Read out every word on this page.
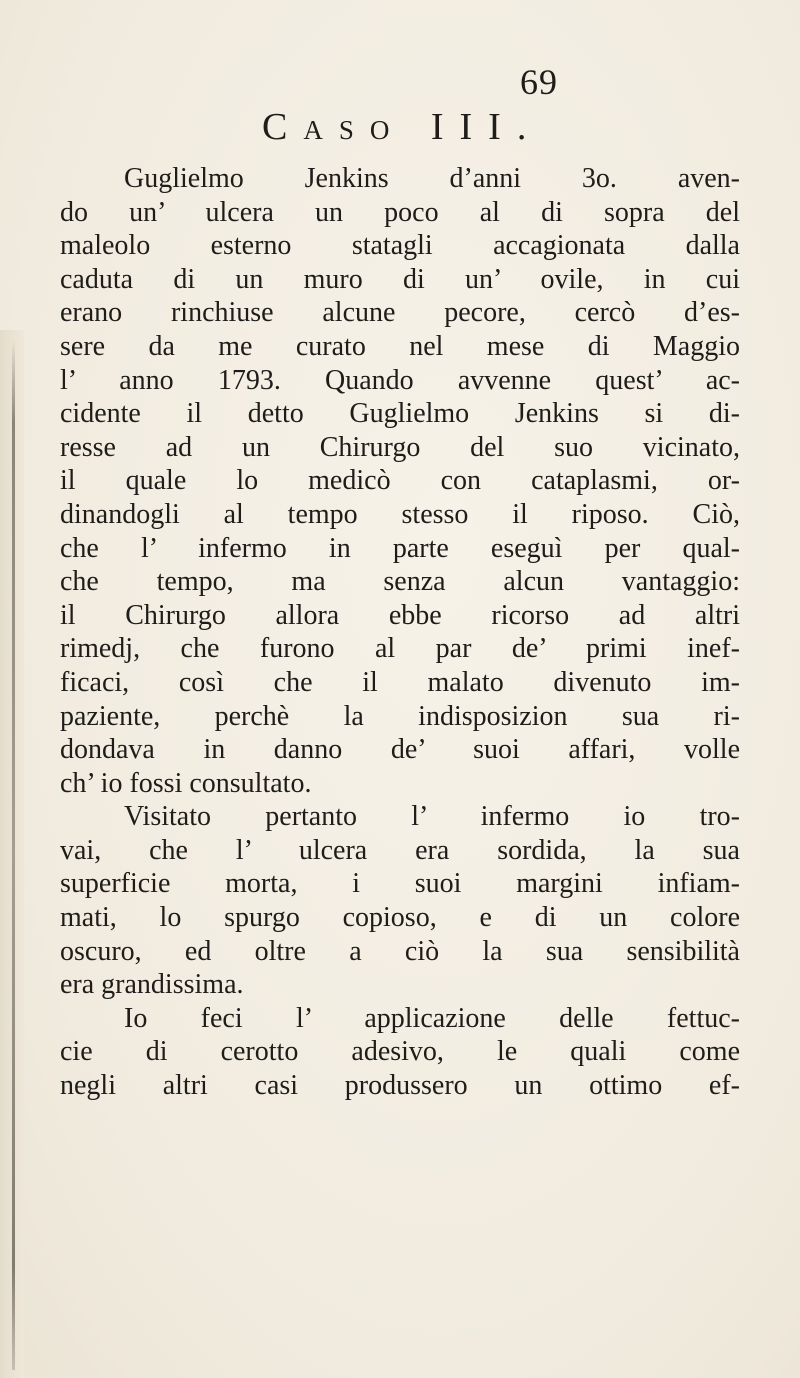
69

Caso III.
Guglielmo Jenkins d’anni 3o. aven-
do un’ ulcera un poco al di sopra del
maleolo esterno statagli accagionata dalla
caduta di un muro di un’ ovile, in cui
erano rinchiuse alcune pecore, cercò d’es-
sere da me curato nel mese di Maggio
l’ anno 1793. Quando avvenne quest’ ac-
cidente il detto Guglielmo Jenkins si di-
resse ad un Chirurgo del suo vicinato,
il quale lo medicò con cataplasmi, or-
dinandogli al tempo stesso il riposo. Ciò,
che l’ infermo in parte eseguì per qual-
che tempo, ma senza alcun vantaggio:
il Chirurgo allora ebbe ricorso ad altri
rimedj, che furono al par de’ primi inef-
ficaci, così che il malato divenuto im-
paziente, perchè la indisposizion sua ri-
dondava in danno de’ suoi affari, volle
ch’ io fossi consultato.
Visitato pertanto l’ infermo io tro-
vai, che l’ ulcera era sordida, la sua
superficie morta, i suoi margini infiam-
mati, lo spurgo copioso, e di un colore
oscuro, ed oltre a ciò la sua sensibilità
era grandissima.
Io feci l’ applicazione delle fettuc-
cie di cerotto adesivo, le quali come
negli altri casi produssero un ottimo ef-
